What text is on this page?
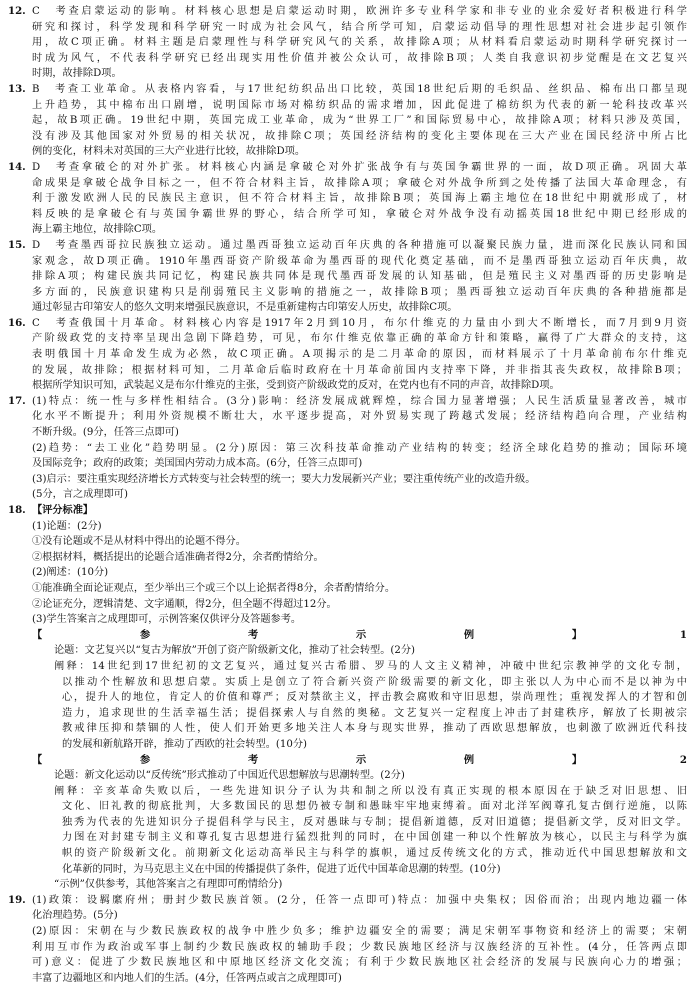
12. C　考查启蒙运动的影响。材料核心思想是启蒙运动时期，欧洲许多专业科学家和非专业的业余爱好者积极进行科学
研究和探讨，科学发现和科学研究一时成为社会风气，结合所学可知，启蒙运动倡导的理性思想对社会进步起引领作
用，故C项正确。材料主题是启蒙理性与科学研究风气的关系，故排除A项；从材料看启蒙运动时期科学研究探讨一
时成为风气，不代表科学研究已经出现实用性价值并被公众认可，故排除B项；人类自我意识初步觉醒是在文艺复兴
时期，故排除D项。
13. B　考查工业革命。从表格内容看，与17世纪纺织品出口比较，英国18世纪后期的毛织品、丝织品、棉布出口都呈现
上升趋势，其中棉布出口剧增，说明国际市场对棉纺织品的需求增加，因此促进了棉纺织为代表的新一轮科技改革兴
起，故B项正确。19世纪中期，英国完成工业革命，成为“世界工厂”和国际贸易中心，故排除A项；材料只涉及英国，
没有涉及其他国家对外贸易的相关状况，故排除C项；英国经济结构的变化主要体现在三大产业在国民经济中所占比
例的变化，材料未对英国的三大产业进行比较，故排除D项。
14. D　考查拿破仑的对外扩张。材料核心内涵是拿破仑对外扩张战争有与英国争霸世界的一面，故D项正确。巩固大革
命成果是拿破仑战争目标之一，但不符合材料主旨，故排除A项；拿破仑对外战争所到之处传播了法国大革命理念，有
利于激发欧洲人民的民族民主意识，但不符合材料主旨，故排除B项；英国海上霸主地位在18世纪中期就形成了，材
料反映的是拿破仑有与英国争霸世界的野心，结合所学可知，拿破仑对外战争没有动摇英国18世纪中期已经形成的
海上霸主地位，故排除C项。
15. D　考查墨西哥拉民族独立运动。通过墨西哥独立运动百年庆典的各种措施可以凝聚民族力量，进而深化民族认同和国
家观念，故D项正确。1910年墨西哥资产阶级革命为墨西哥的现代化奠定基础，而不是墨西哥独立运动百年庆典，故
排除A项；构建民族共同记忆，构建民族共同体是现代墨西哥发展的认知基础，但是殖民主义对墨西哥的历史影响是
多方面的，民族意识建构只是削弱殖民主义影响的措施之一，故排除B项；墨西哥独立运动百年庆典的各种措施都是
通过彰显古印第安人的悠久文明来增强民族意识，不是重新建构古印第安人历史，故排除C项。
16. C　考查俄国十月革命。材料核心内容是1917年2月到10月，布尔什维克的力量由小到大不断增长，而7月到9月资
产阶级政党的支持率呈现出急剧下降趋势，可见，布尔什维克依靠正确的革命方针和策略，赢得了广大群众的支持，这
表明俄国十月革命发生成为必然，故C项正确。A项揭示的是二月革命的原因，而材料展示了十月革命前布尔什维克
的发展，故排除；根据材料可知，二月革命后临时政府在十月革命前国内支持率下降，并非指其丧失政权，故排除B项；
根据所学知识可知，武装起义是布尔什维克的主张，受到资产阶级政党的反对，在党内也有不同的声音，故排除D项。
17. (1)特点：统一性与多样性相结合。(3分)影响：经济发展成就辉煌，综合国力显著增强；人民生活质量显著改善，城市
化水平不断提升；利用外资规模不断壮大，水平逐步提高，对外贸易实现了跨越式发展；经济结构趋向合理，产业结构
不断升级。(9分，任答三点即可)
(2)趋势：“去工业化”趋势明显。(2分)原因：第三次科技革命推动产业结构的转变；经济全球化趋势的推动；国际环境
及国际竞争；政府的政策；美国国内劳动力成本高。(6分，任答三点即可)
(3)启示：要注重实现经济增长方式转变与社会转型的统一；要大力发展新兴产业；要注重传统产业的改造升级。
(5分，言之成理即可)
18. 【评分标准】
(1)论题：(2分)
①没有论题或不是从材料中得出的论题不得分。
②根据材料，概括提出的论题合适准确者得2分，余者酌情给分。
(2)阐述：(10分)
①能准确全面论证观点，至少举出三个或三个以上论据者得8分，余者酌情给分。
②论证充分，逻辑清楚、文字通顺，得2分，但全题不得超过12分。
(3)学生答案言之成理即可，示例答案仅供评分及答题参考。
【参考示例】1
论题：文艺复兴以“复古为解放”开创了资产阶级新文化，推动了社会转型。(2分)
阐释：14世纪到17世纪初的文艺复兴，通过复兴古希腊、罗马的人文主义精神，冲破中世纪宗教神学的文化专制，
以推动个性解放和思想启蒙。实质上是创立了符合新兴资产阶级需要的新文化，即主张以人为中心而不是以神为中
心，提升人的地位，肯定人的价值和尊严；反对禁欲主义，抨击教会腐败和守旧思想，崇尚理性；重视发挥人的才智和创
造力，追求现世的生活幸福生活；提倡探索人与自然的奥秘。文艺复兴一定程度上冲击了封建秩序，解放了长期被宗
教戒律压抑和禁锢的人性，使人们开始更多地关注人本身与现实世界，推动了西欧思想解放，也刺激了欧洲近代科技
的发展和新航路开辟，推动了西欧的社会转型。(10分)
【参考示例】2
论题：新文化运动以“反传统”形式推动了中国近代思想解放与思潮转型。(2分)
阐释：辛亥革命失败以后，一些先进知识分子认为共和制之所以没有真正实现的根本原因在于缺乏对旧思想、旧
文化、旧礼教的彻底批判，大多数国民的思想仍被专制和愚昧牢牢地束缚着。面对北洋军阀尊孔复古倒行逆施，以陈
独秀为代表的先进知识分子提倡科学与民主，反对愚昧与专制；提倡新道德，反对旧道德；提倡新文学，反对旧文学。
力图在对封建专制主义和尊孔复古思想进行猛烈批判的同时，在中国创建一种以个性解放为核心，以民主与科学为旗
帜的资产阶级新文化。前期新文化运动高举民主与科学的旗帜，通过反传统文化的方式，推动近代中国思想解放和文
化革新的同时，为马克思主义在中国的传播提供了条件，促进了近代中国革命思潮的转型。(10分)
“示例”仅供参考，其他答案言之有理即可酌情给分)
19. (1)政策：设羁縻府州；册封少数民族首领。(2分，任答一点即可)特点：加强中央集权；因俗而治；出现内地边疆一体
化治理趋势。(5分)
(2)原因：宋朝在与少数民族政权的战争中胜少负多；维护边疆安全的需要；满足宋朝军事物资和经济上的需要；宋朝
利用互市作为政治或军事上制约少数民族政权的辅助手段；少数民族地区经济与汉族经济的互补性。(4分，任答两点即
可)意义：促进了少数民族地区和中原地区经济文化交流；有利于少数民族地区社会经济的发展与民族向心力的增强；
丰富了边疆地区和内地人们的生活。(4分，任答两点或言之成理即可)
